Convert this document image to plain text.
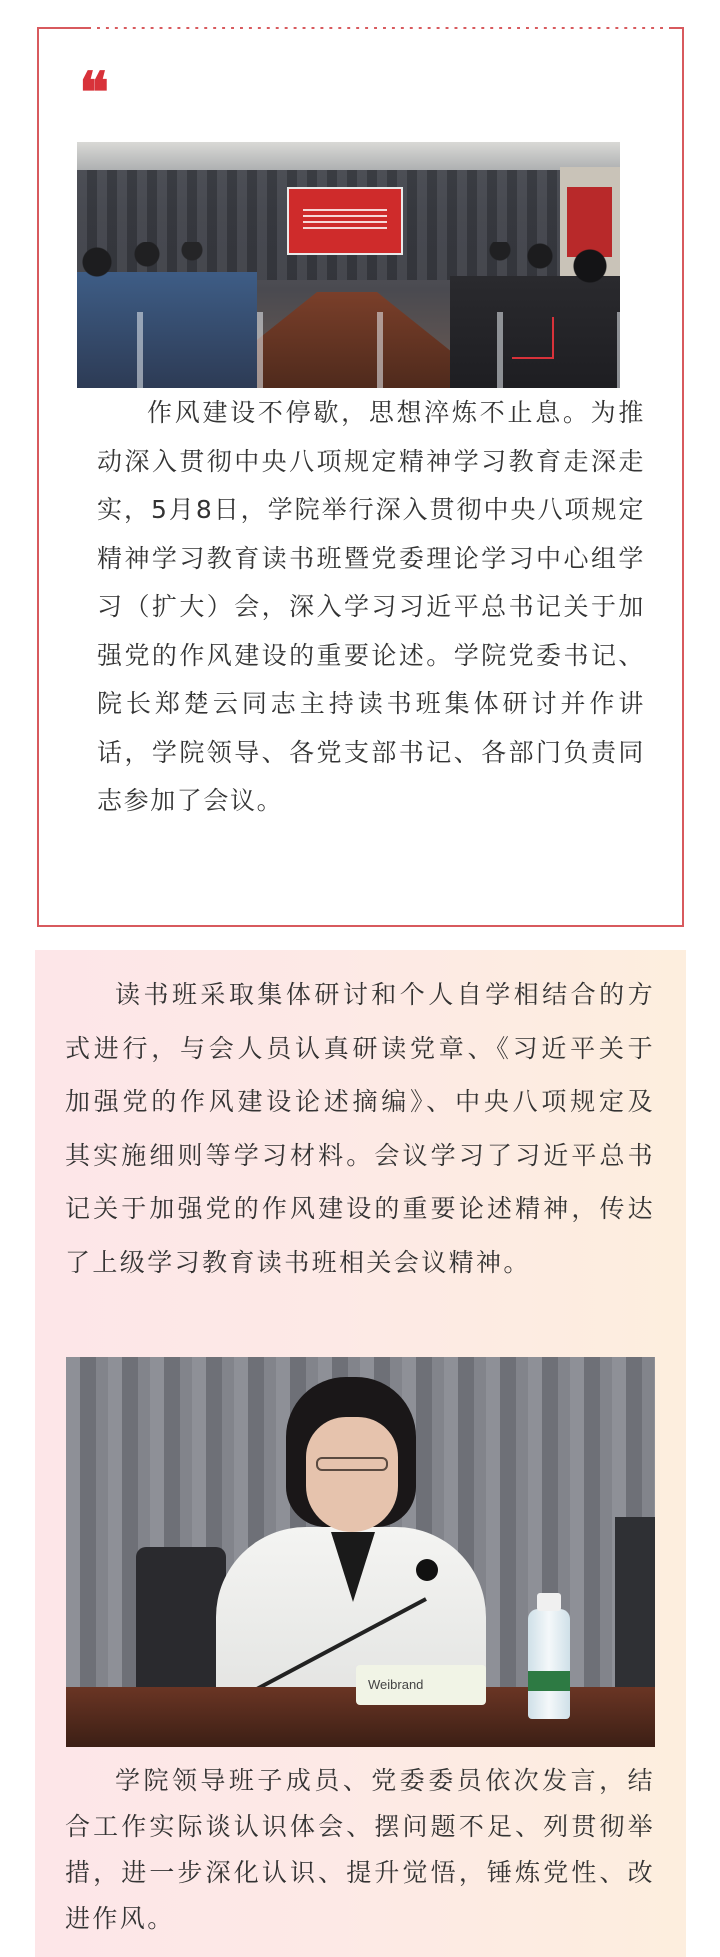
❝

作风建设不停歇，思想淬炼不止息。为推动深入贯彻中央八项规定精神学习教育走深走实，5月8日，学院举行深入贯彻中央八项规定精神学习教育读书班暨党委理论学习中心组学习（扩大）会，深入学习习近平总书记关于加强党的作风建设的重要论述。学院党委书记、院长郑楚云同志主持读书班集体研讨并作讲话，学院领导、各党支部书记、各部门负责同志参加了会议。

读书班采取集体研讨和个人自学相结合的方式进行，与会人员认真研读党章、《习近平关于加强党的作风建设论述摘编》、中央八项规定及其实施细则等学习材料。会议学习了习近平总书记关于加强党的作风建设的重要论述精神，传达了上级学习教育读书班相关会议精神。

Weibrand

学院领导班子成员、党委委员依次发言，结合工作实际谈认识体会、摆问题不足、列贯彻举措，进一步深化认识、提升觉悟，锤炼党性、改进作风。
